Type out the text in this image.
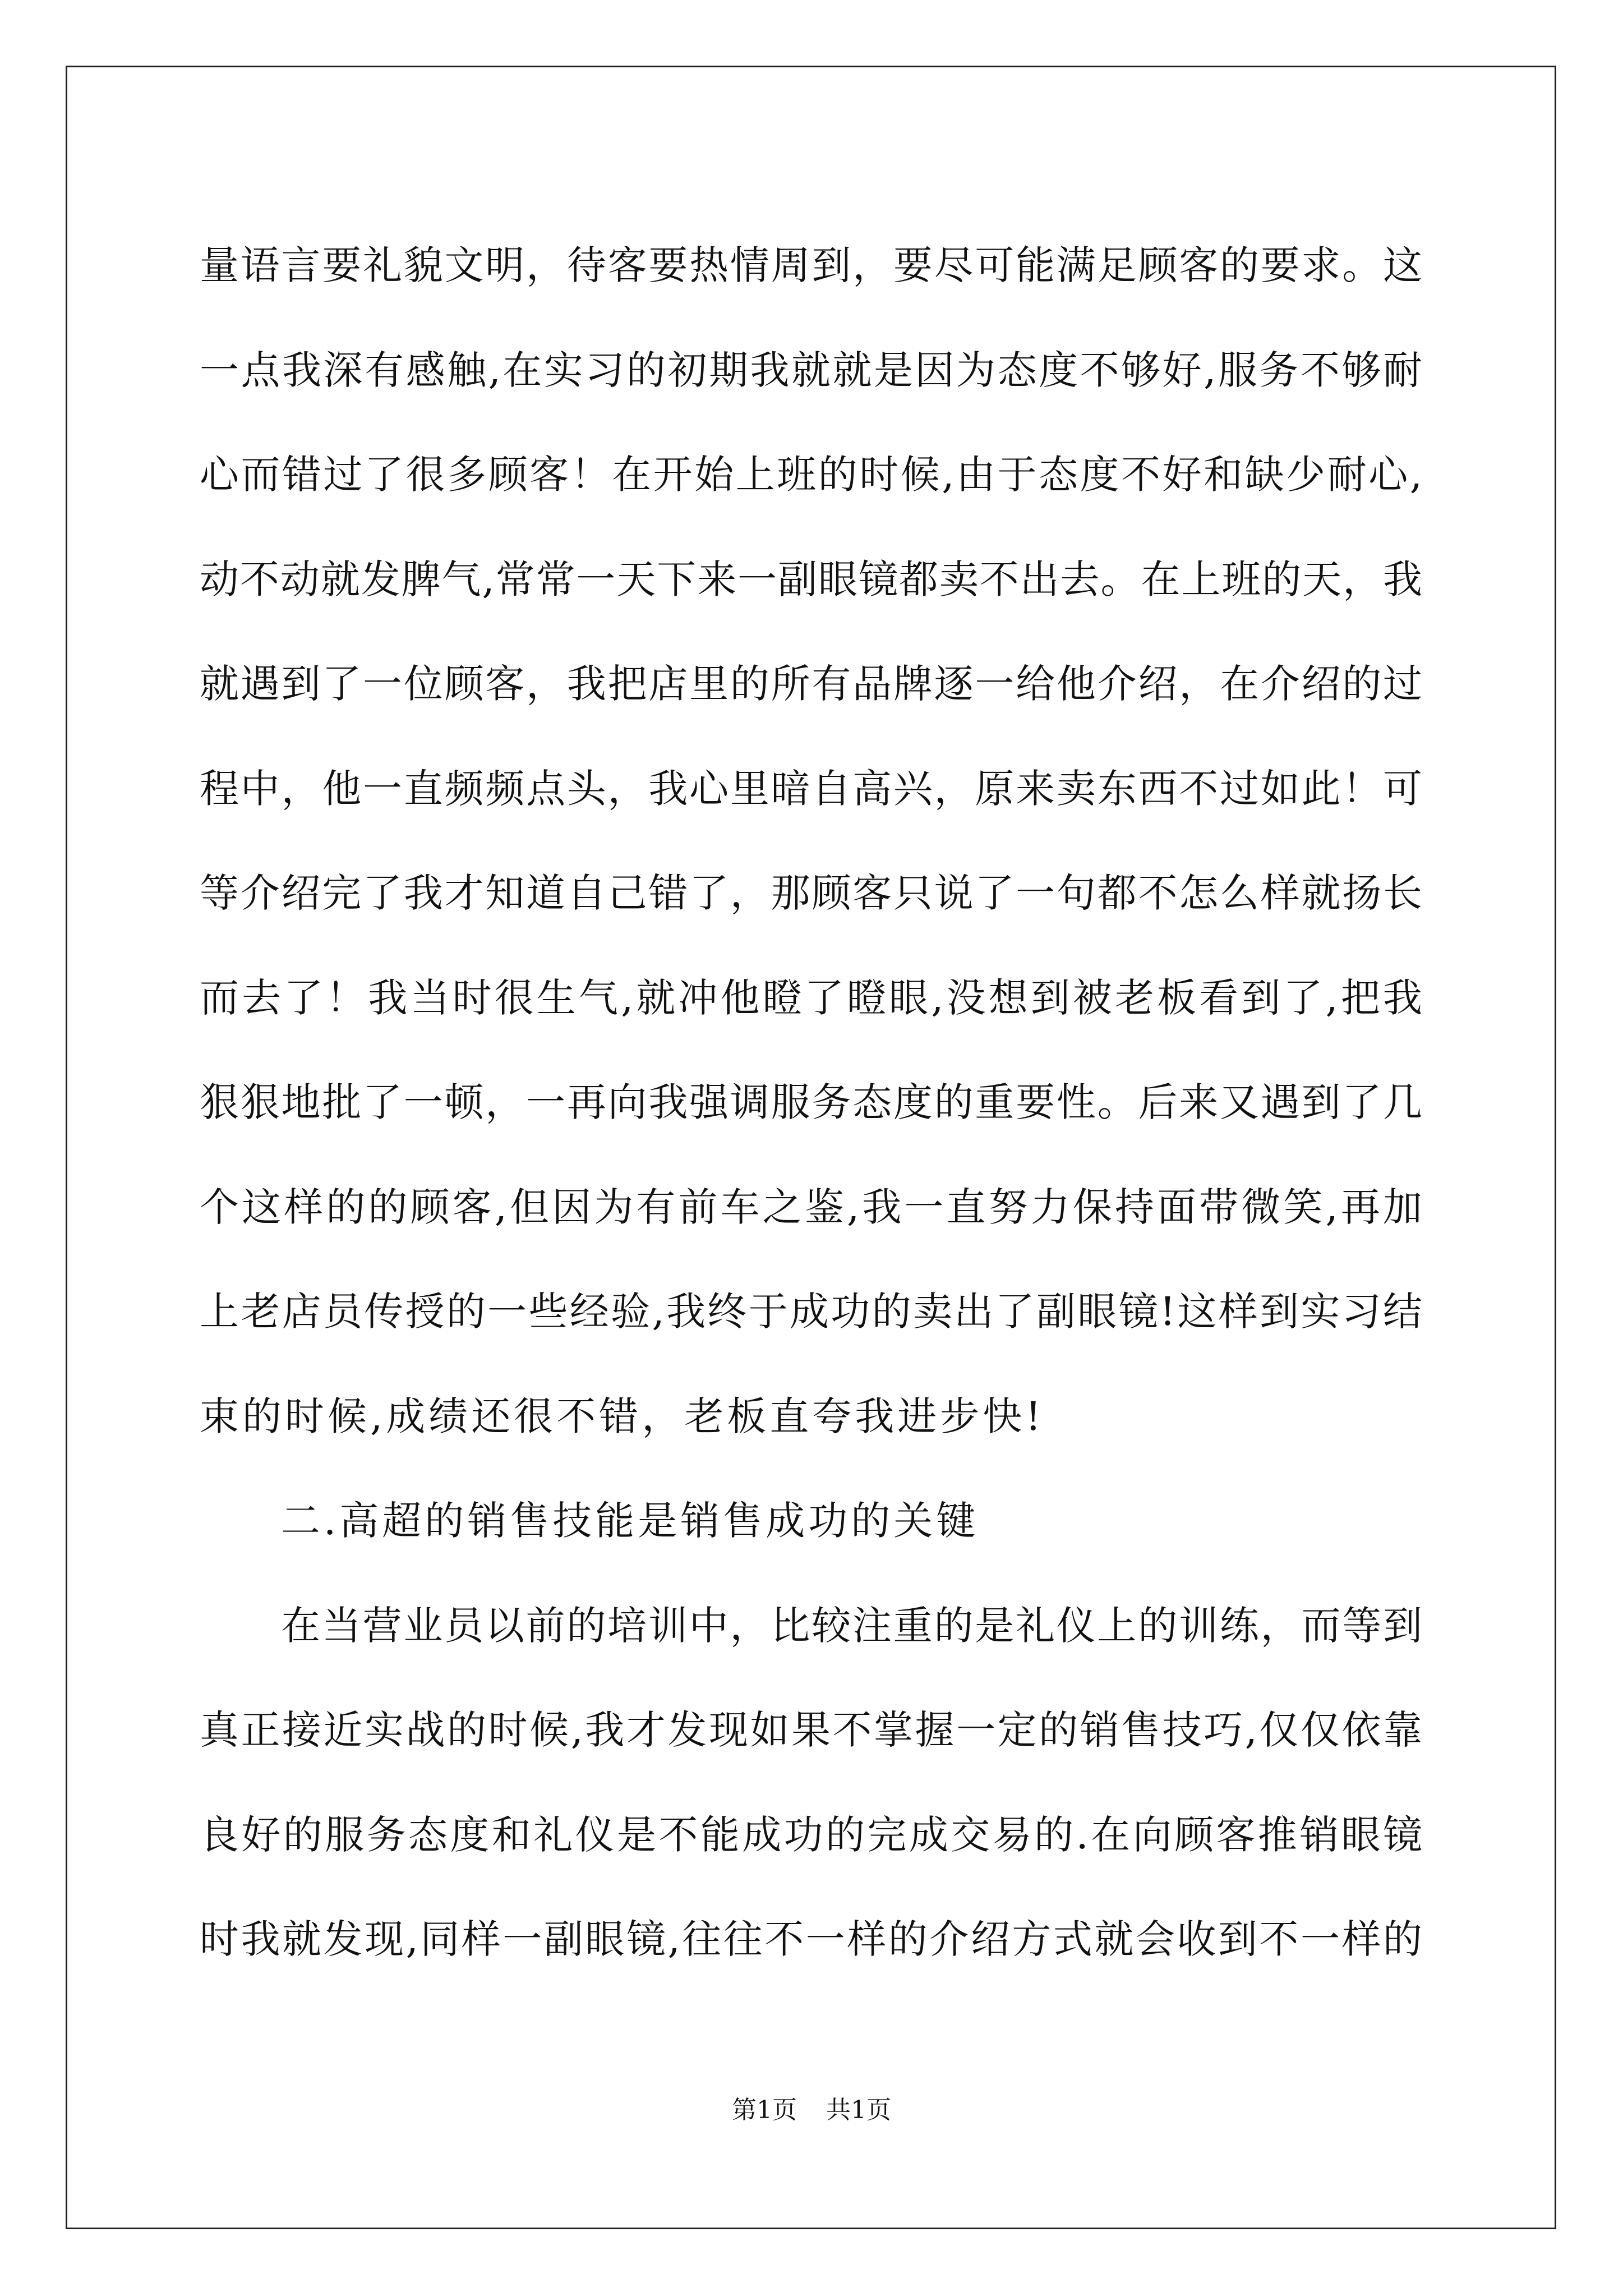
量语言要礼貌文明，待客要热情周到，要尽可能满足顾客的要求。这
一点我深有感触,在实习的初期我就就是因为态度不够好,服务不够耐
心而错过了很多顾客！在开始上班的时候,由于态度不好和缺少耐心,
动不动就发脾气,常常一天下来一副眼镜都卖不出去。在上班的天，我
就遇到了一位顾客，我把店里的所有品牌逐一给他介绍，在介绍的过
程中，他一直频频点头，我心里暗自高兴，原来卖东西不过如此！可
等介绍完了我才知道自己错了，那顾客只说了一句都不怎么样就扬长
而去了！我当时很生气,就冲他瞪了瞪眼,没想到被老板看到了,把我
狠狠地批了一顿，一再向我强调服务态度的重要性。后来又遇到了几
个这样的的顾客,但因为有前车之鉴,我一直努力保持面带微笑,再加
上老店员传授的一些经验,我终于成功的卖出了副眼镜!这样到实习结
束的时候,成绩还很不错，老板直夸我进步快!
二.高超的销售技能是销售成功的关键
在当营业员以前的培训中，比较注重的是礼仪上的训练，而等到
真正接近实战的时候,我才发现如果不掌握一定的销售技巧,仅仅依靠
良好的服务态度和礼仪是不能成功的完成交易的.在向顾客推销眼镜
时我就发现,同样一副眼镜,往往不一样的介绍方式就会收到不一样的
第1页 共1页
